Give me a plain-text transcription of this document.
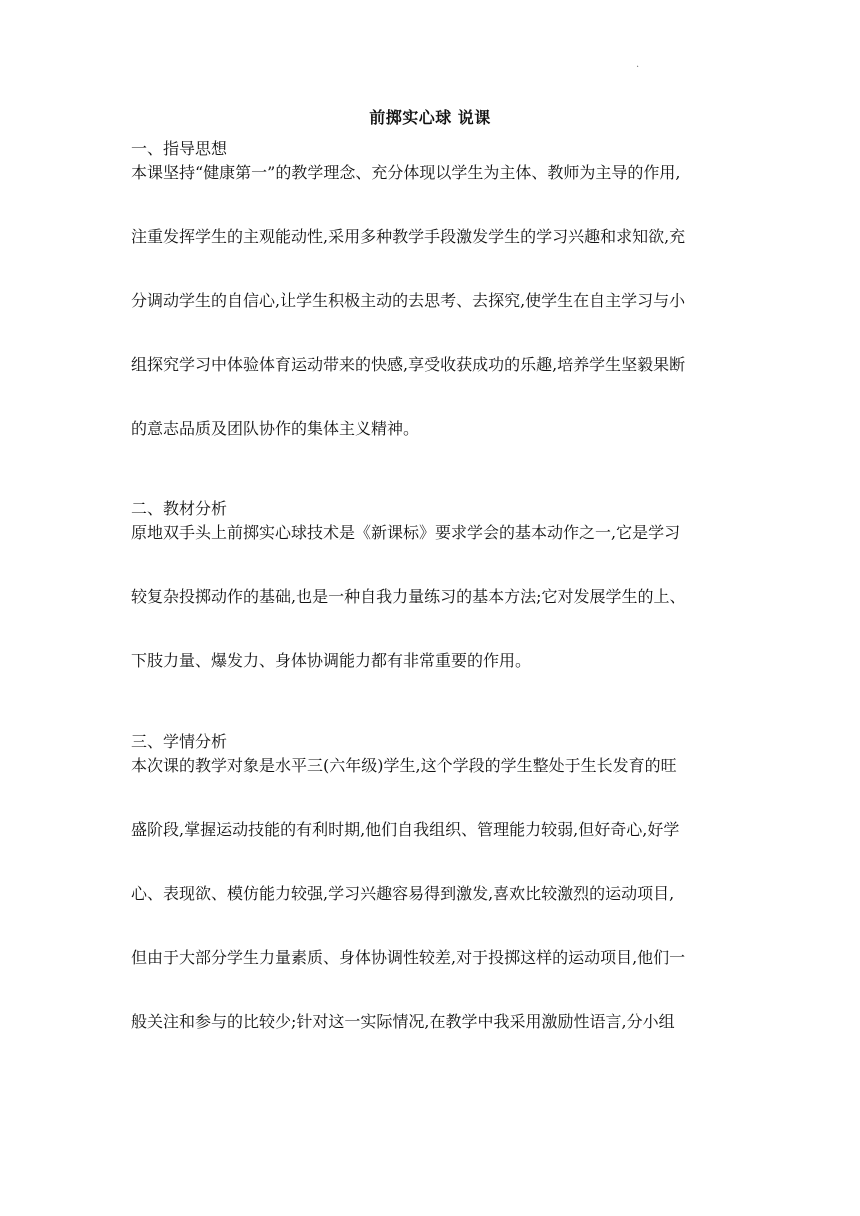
.
前掷实心球 说课
一、指导思想
本课坚持“健康第一”的教学理念、充分体现以学生为主体、教师为主导的作用,
注重发挥学生的主观能动性,采用多种教学手段激发学生的学习兴趣和求知欲,充
分调动学生的自信心,让学生积极主动的去思考、去探究,使学生在自主学习与小
组探究学习中体验体育运动带来的快感,享受收获成功的乐趣,培养学生坚毅果断
的意志品质及团队协作的集体主义精神。
二、教材分析
原地双手头上前掷实心球技术是《新课标》要求学会的基本动作之一,它是学习
较复杂投掷动作的基础,也是一种自我力量练习的基本方法;它对发展学生的上、
下肢力量、爆发力、身体协调能力都有非常重要的作用。
三、学情分析
本次课的教学对象是水平三(六年级)学生,这个学段的学生整处于生长发育的旺
盛阶段,掌握运动技能的有利时期,他们自我组织、管理能力较弱,但好奇心,好学
心、表现欲、模仿能力较强,学习兴趣容易得到激发,喜欢比较激烈的运动项目,
但由于大部分学生力量素质、身体协调性较差,对于投掷这样的运动项目,他们一
般关注和参与的比较少;针对这一实际情况,在教学中我采用激励性语言,分小组
